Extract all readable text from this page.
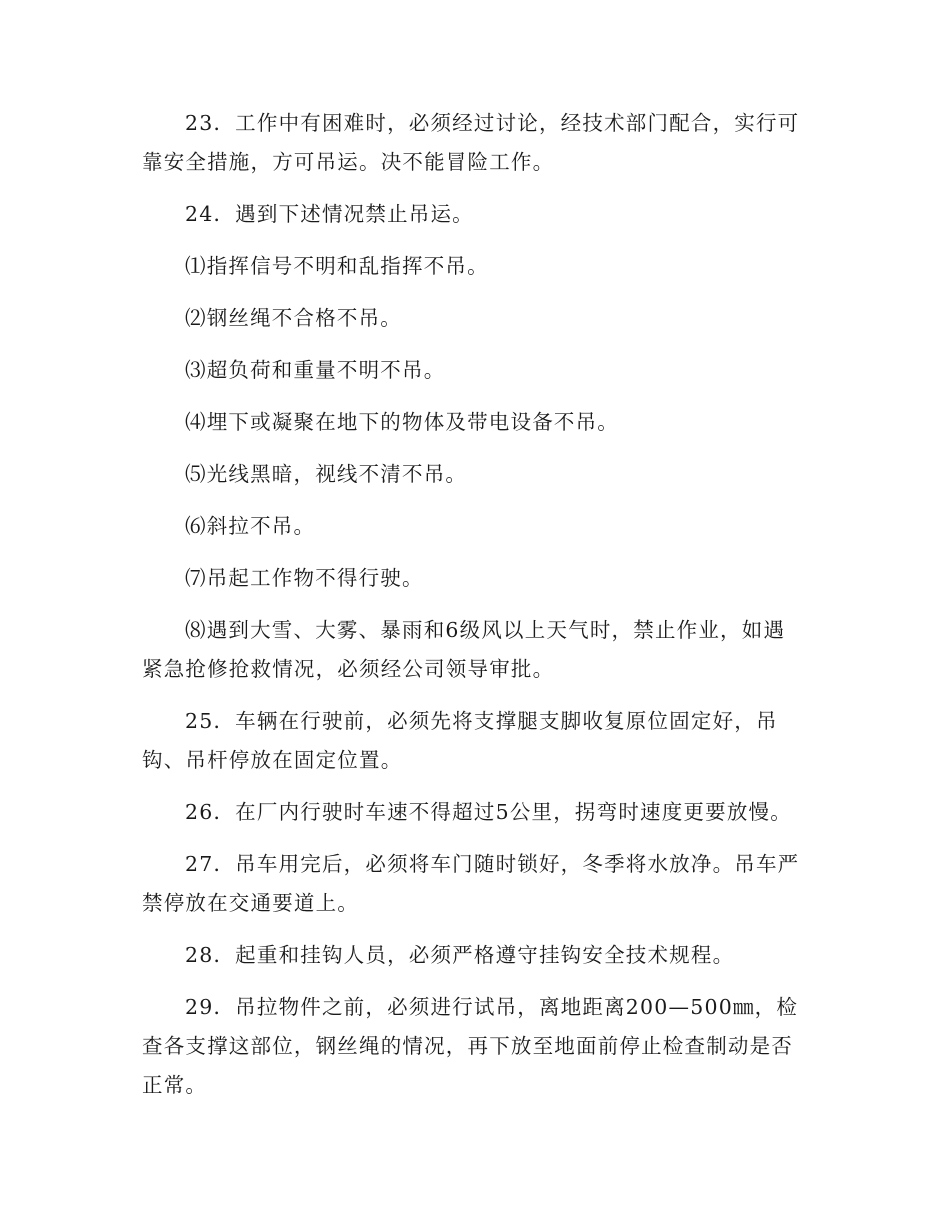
23．工作中有困难时，必须经过讨论，经技术部门配合，实行可靠安全措施，方可吊运。决不能冒险工作。

24．遇到下述情况禁止吊运。

⑴指挥信号不明和乱指挥不吊。

⑵钢丝绳不合格不吊。

⑶超负荷和重量不明不吊。

⑷埋下或凝聚在地下的物体及带电设备不吊。

⑸光线黑暗，视线不清不吊。

⑹斜拉不吊。

⑺吊起工作物不得行驶。

⑻遇到大雪、大雾、暴雨和6级风以上天气时，禁止作业，如遇紧急抢修抢救情况，必须经公司领导审批。

25．车辆在行驶前，必须先将支撑腿支脚收复原位固定好，吊钩、吊杆停放在固定位置。

26．在厂内行驶时车速不得超过5公里，拐弯时速度更要放慢。

27．吊车用完后，必须将车门随时锁好，冬季将水放净。吊车严禁停放在交通要道上。

28．起重和挂钩人员，必须严格遵守挂钩安全技术规程。

29．吊拉物件之前，必须进行试吊，离地距离200—500㎜，检查各支撑这部位，钢丝绳的情况，再下放至地面前停止检查制动是否正常。
